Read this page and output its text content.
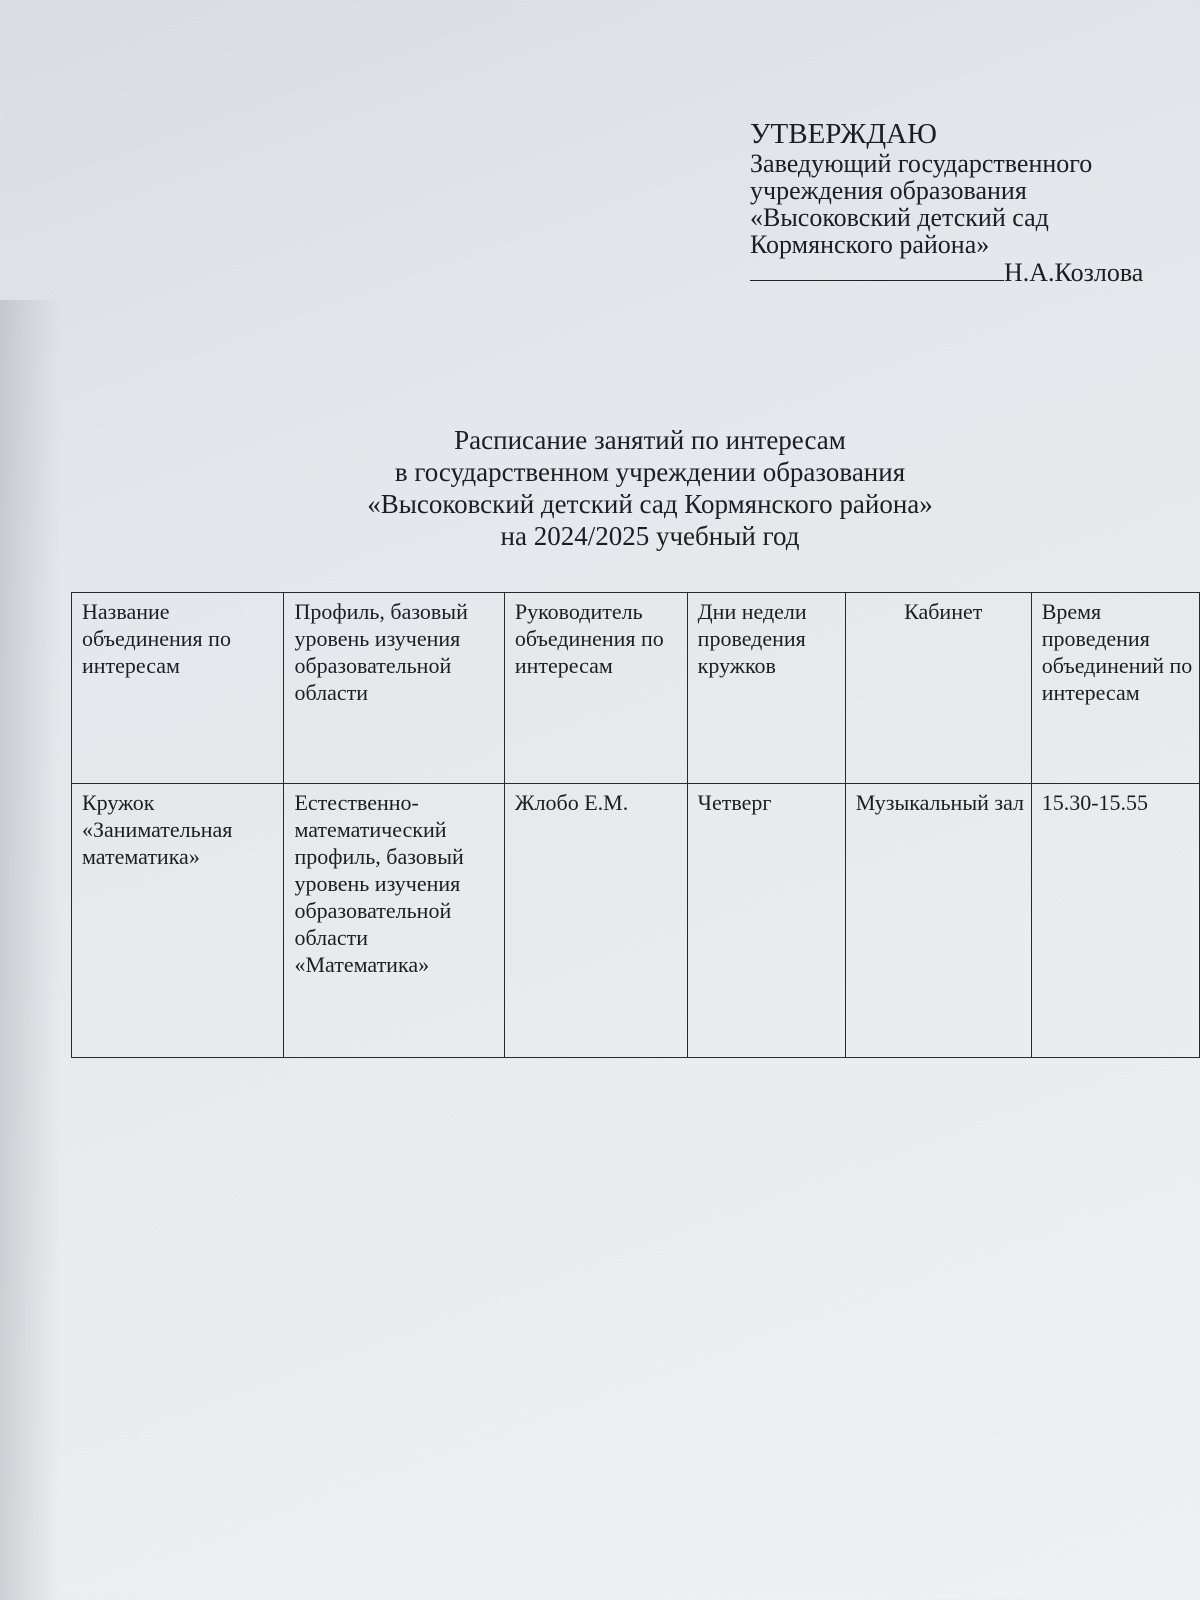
УТВЕРЖДАЮ
Заведующий государственного
учреждения образования
«Высоковский детский сад
Кормянского района»
Н.А.Козлова
Расписание занятий по интересам
в государственном учреждении образования
«Высоковский детский сад Кормянского района»
на 2024/2025 учебный год
Название объединения по интересам	Профиль, базовый уровень изучения образовательной области	Руководитель объединения по интересам	Дни недели проведения кружков	Кабинет	Время проведения объединений по интересам
Кружок «Занимательная математика»	Естественно-математический профиль, базовый уровень изучения образовательной области «Математика»	Жлобо Е.М.	Четверг	Музыкальный зал	15.30-15.55
